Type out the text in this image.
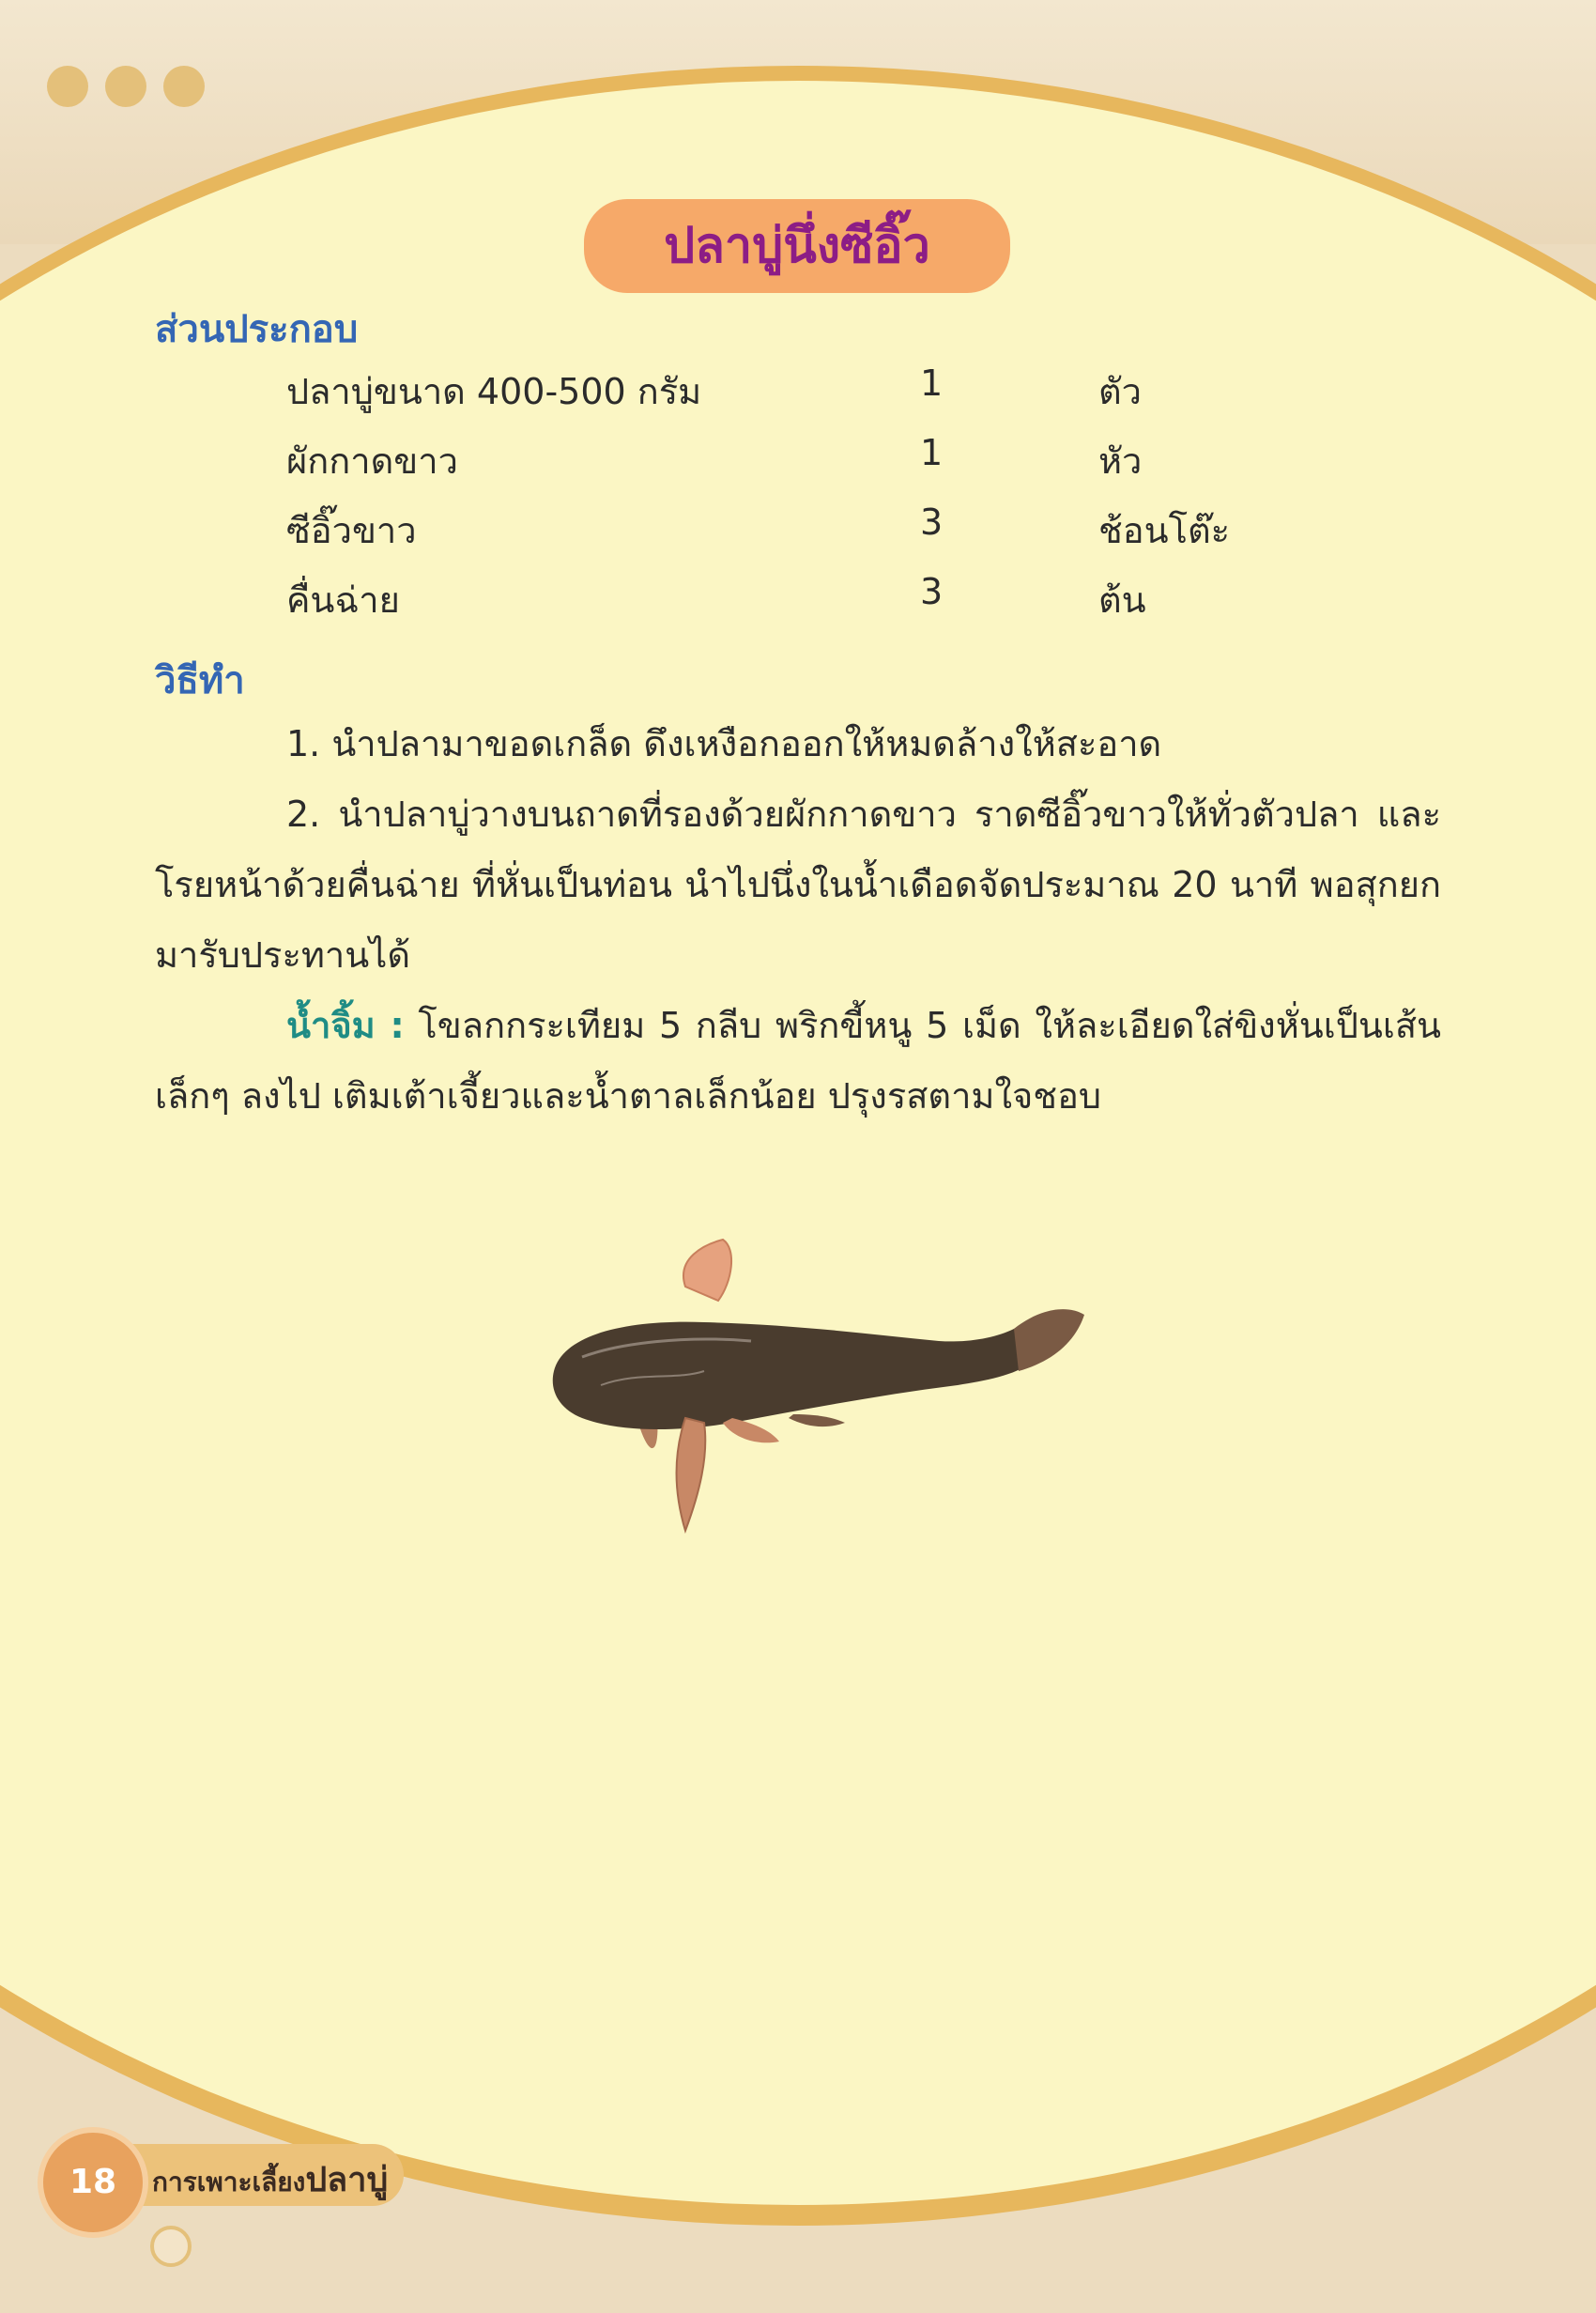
ปลาบู่นึ่งซีอิ๊ว
ส่วนประกอบ
ปลาบู่ขนาด 400-500 กรัม	1	ตัว
ผักกาดขาว	1	หัว
ซีอิ๊วขาว	3	ช้อนโต๊ะ
คื่นฉ่าย	3	ต้น
วิธีทำ
1. นำปลามาขอดเกล็ด ดึงเหงือกออกให้หมดล้างให้สะอาด
2. นำปลาบู่วางบนถาดที่รองด้วยผักกาดขาว ราดซีอิ๊วขาวให้ทั่วตัวปลา และโรยหน้าด้วยคื่นฉ่าย ที่หั่นเป็นท่อน นำไปนึ่งในน้ำเดือดจัดประมาณ 20 นาที พอสุกยกมารับประทานได้
น้ำจิ้ม : โขลกกระเทียม 5 กลีบ พริกขี้หนู 5 เม็ด ให้ละเอียดใส่ขิงหั่นเป็นเส้นเล็กๆ ลงไป เติมเต้าเจี้ยวและน้ำตาลเล็กน้อย ปรุงรสตามใจชอบ
18	การเพาะเลี้ยงปลาบู่
